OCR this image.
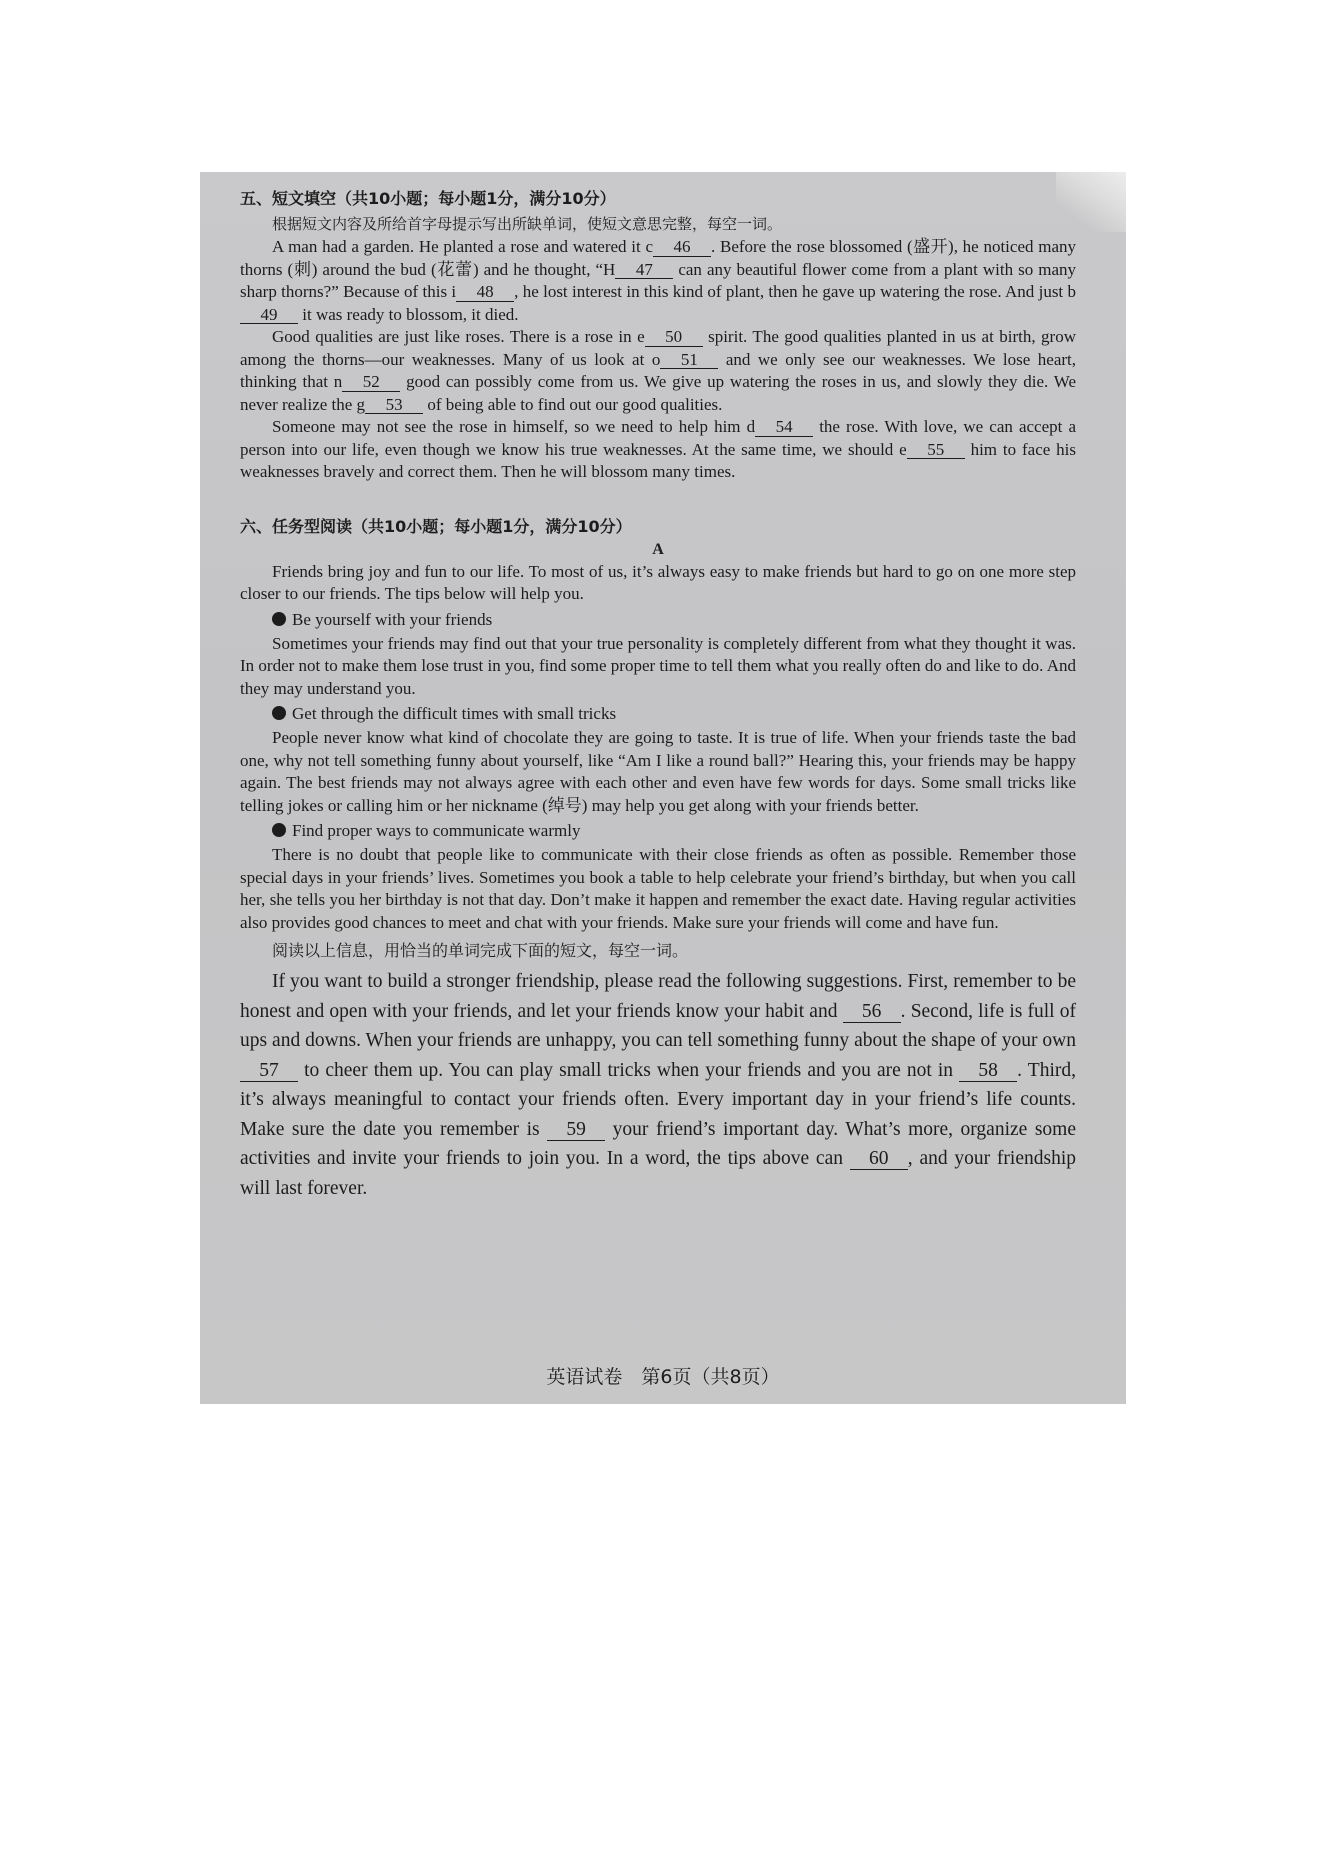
五、短文填空（共10小题；每小题1分，满分10分）
根据短文内容及所给首字母提示写出所缺单词，使短文意思完整，每空一词。

A man had a garden. He planted a rose and watered it c 46 . Before the rose blossomed (盛开), he noticed many thorns (刺) around the bud (花蕾) and he thought, “H 47 can any beautiful flower come from a plant with so many sharp thorns?” Because of this i 48 , he lost interest in this kind of plant, then he gave up watering the rose. And just b49 it was ready to blossom, it died.

Good qualities are just like roses. There is a rose in e 50 spirit. The good qualities planted in us at birth, grow among the thorns—our weaknesses. Many of us look at o 51 and we only see our weaknesses. We lose heart, thinking that n 52 good can possibly come from us. We give up watering the roses in us, and slowly they die. We never realize the g 53 of being able to find out our good qualities.

Someone may not see the rose in himself, so we need to help him d 54 the rose. With love, we can accept a person into our life, even though we know his true weaknesses. At the same time, we should e 55 him to face his weaknesses bravely and correct them. Then he will blossom many times.

六、任务型阅读（共10小题；每小题1分，满分10分）
A

Friends bring joy and fun to our life. To most of us, it’s always easy to make friends but hard to go on one more step closer to our friends. The tips below will help you.

Be yourself with your friends

Sometimes your friends may find out that your true personality is completely different from what they thought it was. In order not to make them lose trust in you, find some proper time to tell them what you really often do and like to do. And they may understand you.

Get through the difficult times with small tricks

People never know what kind of chocolate they are going to taste. It is true of life. When your friends taste the bad one, why not tell something funny about yourself, like “Am I like a round ball?” Hearing this, your friends may be happy again. The best friends may not always agree with each other and even have few words for days. Some small tricks like telling jokes or calling him or her nickname (绰号) may help you get along with your friends better.

Find proper ways to communicate warmly

There is no doubt that people like to communicate with their close friends as often as possible. Remember those special days in your friends’ lives. Sometimes you book a table to help celebrate your friend’s birthday, but when you call her, she tells you her birthday is not that day. Don’t make it happen and remember the exact date. Having regular activities also provides good chances to meet and chat with your friends. Make sure your friends will come and have fun.

阅读以上信息，用恰当的单词完成下面的短文，每空一词。

If you want to build a stronger friendship, please read the following suggestions. First, remember to be honest and open with your friends, and let your friends know your habit and 56 . Second, life is full of ups and downs. When your friends are unhappy, you can tell something funny about the shape of your own 57 to cheer them up. You can play small tricks when your friends and you are not in 58 . Third, it’s always meaningful to contact your friends often. Every important day in your friend’s life counts. Make sure the date you remember is 59 your friend’s important day. What’s more, organize some activities and invite your friends to join you. In a word, the tips above can 60 , and your friendship will last forever.

英语试卷　第6页（共8页）
